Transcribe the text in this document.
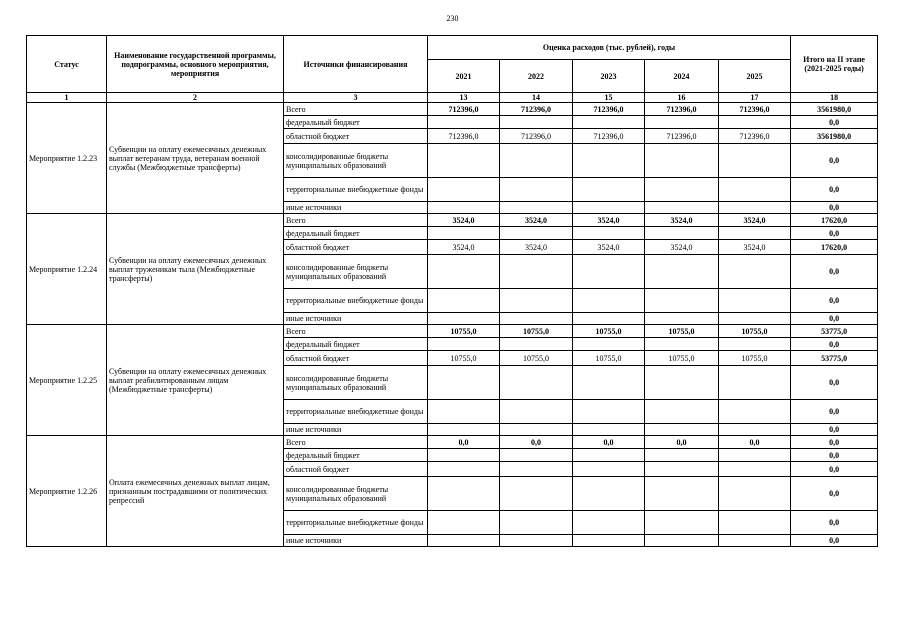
230
Статус	Наименование государственной программы, подпрограммы, основного мероприятия, мероприятия	Источники финансирования	Оценка расходов (тыс. рублей), годы					Итого на II этапе (2021-2025 годы)
			2021	2022	2023	2024	2025	
1	2	3	13	14	15	16	17	18
Мероприятие 1.2.23	Субвенции на оплату ежемесячных денежных выплат ветеранам труда, ветеранам военной службы (Межбюджетные трансферты)	Всего	712396,0	712396,0	712396,0	712396,0	712396,0	3561980,0
		федеральный бюджет						0,0
		областной бюджет	712396,0	712396,0	712396,0	712396,0	712396,0	3561980,0
		консолидированные бюджеты муниципальных образований						0,0
		территориальные внебюджетные фонды						0,0
		иные источники						0,0
Мероприятие 1.2.24	Субвенции на оплату ежемесячных денежных выплат труженикам тыла (Межбюджетные трансферты)	Всего	3524,0	3524,0	3524,0	3524,0	3524,0	17620,0
		федеральный бюджет						0,0
		областной бюджет	3524,0	3524,0	3524,0	3524,0	3524,0	17620,0
		консолидированные бюджеты муниципальных образований						0,0
		территориальные внебюджетные фонды						0,0
		иные источники						0,0
Мероприятие 1.2.25	Субвенции на оплату ежемесячных денежных выплат реабилитированным лицам (Межбюджетные трансферты)	Всего	10755,0	10755,0	10755,0	10755,0	10755,0	53775,0
		федеральный бюджет						0,0
		областной бюджет	10755,0	10755,0	10755,0	10755,0	10755,0	53775,0
		консолидированные бюджеты муниципальных образований						0,0
		территориальные внебюджетные фонды						0,0
		иные источники						0,0
Мероприятие 1.2.26	Оплата ежемесячных денежных выплат лицам, признанным пострадавшими от политических репрессий	Всего	0,0	0,0	0,0	0,0	0,0	0,0
		федеральный бюджет						0,0
		областной бюджет						0,0
		консолидированные бюджеты муниципальных образований						0,0
		территориальные внебюджетные фонды						0,0
		иные источники						0,0
